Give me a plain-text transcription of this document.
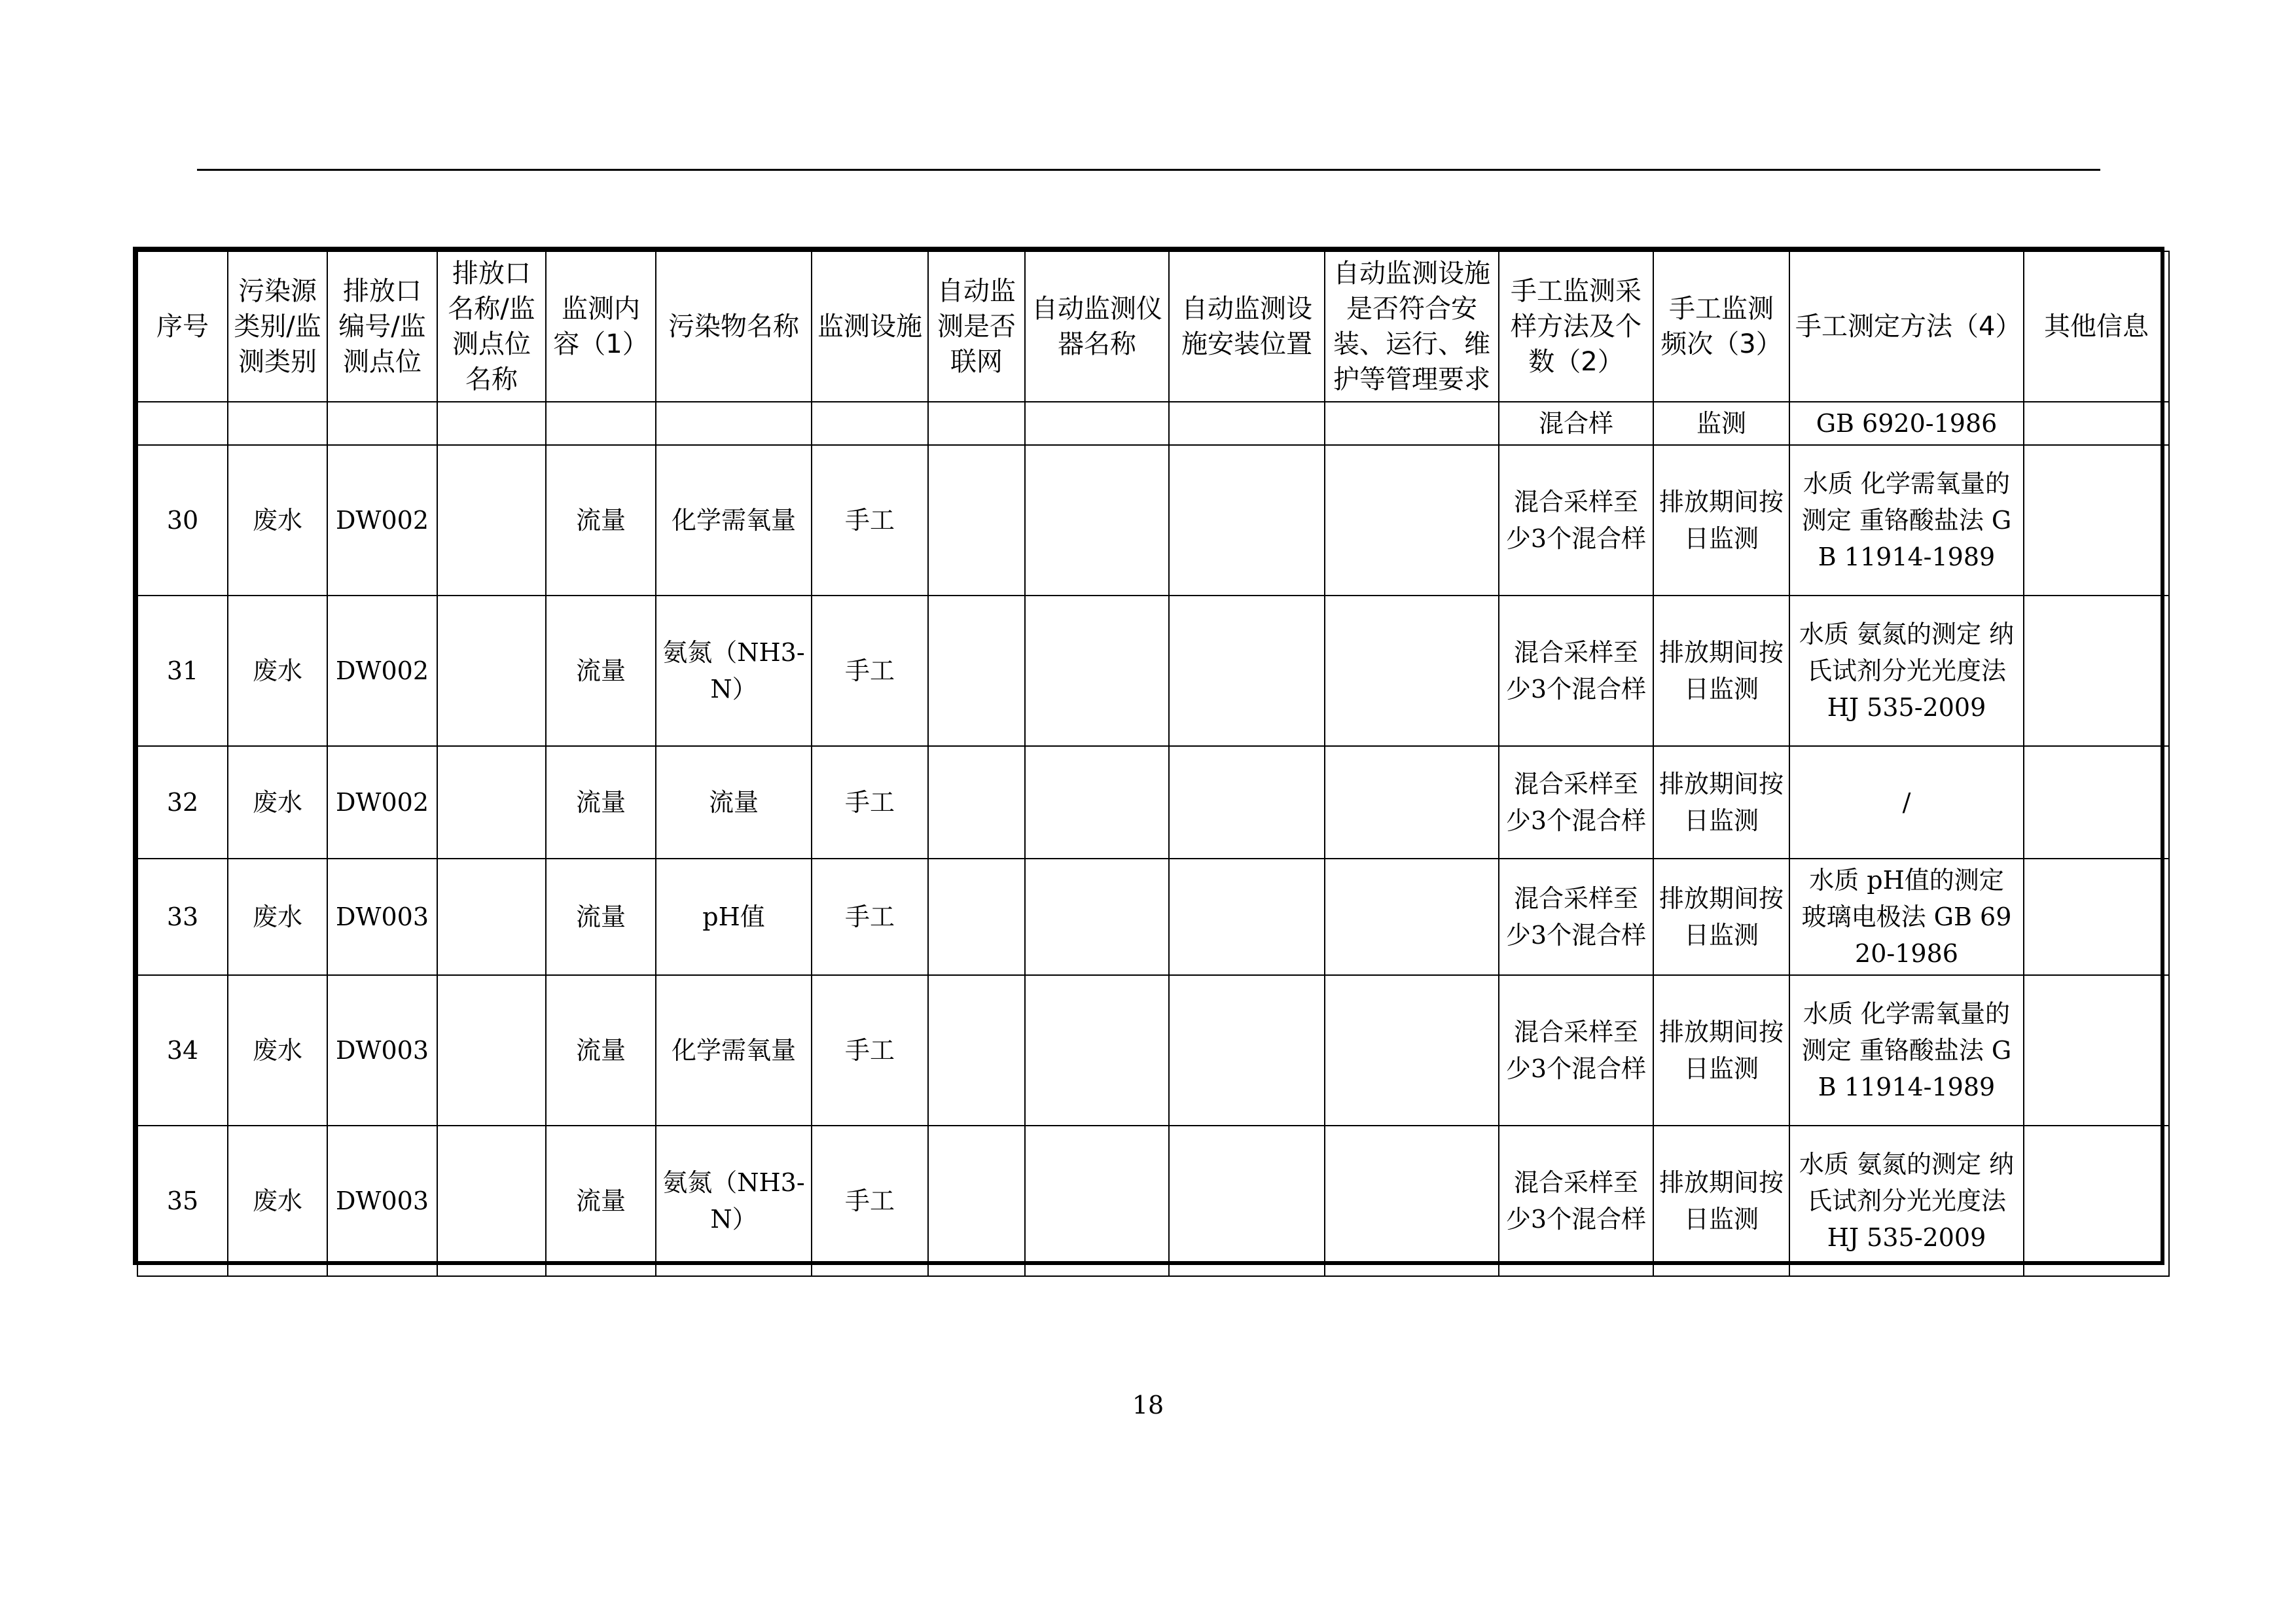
序号	污染源类别/监测类别	排放口编号/监测点位	排放口名称/监测点位名称	监测内容（1）	污染物名称	监测设施	自动监测是否联网	自动监测仪器名称	自动监测设施安装位置	自动监测设施是否符合安装、运行、维护等管理要求	手工监测采样方法及个数（2）	手工监测频次（3）	手工测定方法（4）	其他信息
											混合样	监测	GB 6920-1986	
30	废水	DW002		流量	化学需氧量	手工					混合采样至少3个混合样	排放期间按日监测	水质 化学需氧量的测定 重铬酸盐法 GB 11914-1989	
31	废水	DW002		流量	氨氮（NH3-N）	手工					混合采样至少3个混合样	排放期间按日监测	水质 氨氮的测定 纳氏试剂分光光度法 HJ 535-2009	
32	废水	DW002		流量	流量	手工					混合采样至少3个混合样	排放期间按日监测	/	
33	废水	DW003		流量	pH值	手工					混合采样至少3个混合样	排放期间按日监测	水质 pH值的测定 玻璃电极法 GB 6920-1986	
34	废水	DW003		流量	化学需氧量	手工					混合采样至少3个混合样	排放期间按日监测	水质 化学需氧量的测定 重铬酸盐法 GB 11914-1989	
35	废水	DW003		流量	氨氮（NH3-N）	手工					混合采样至少3个混合样	排放期间按日监测	水质 氨氮的测定 纳氏试剂分光光度法 HJ 535-2009	
18
